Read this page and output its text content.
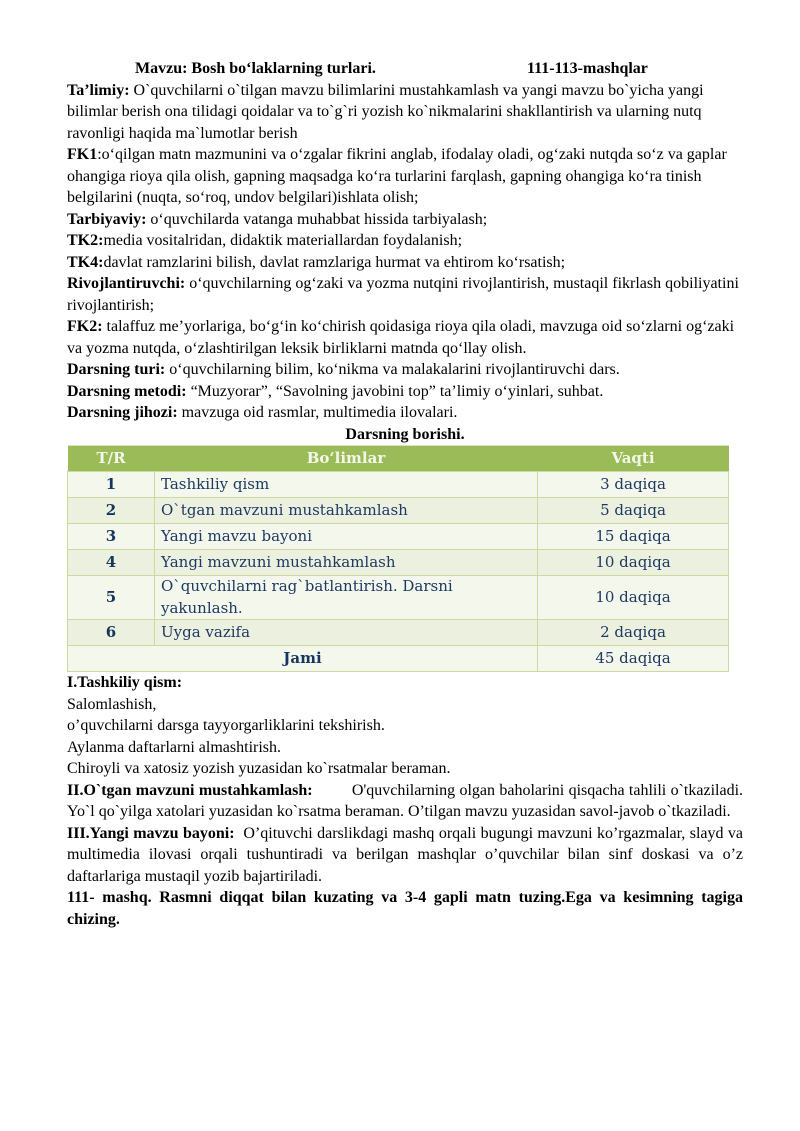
Mavzu: Bosh bo‘laklarning turlari.	111-113-mashqlar

Ta’limiy: O`quvchilarni o`tilgan mavzu bilimlarini mustahkamlash va yangi mavzu bo`yicha yangi bilimlar berish ona tilidagi qoidalar va to`g`ri yozish ko`nikmalarini shakllantirish va ularning nutq ravonligi haqida ma`lumotlar berish

FK1:o‘qilgan matn mazmunini va o‘zgalar fikrini anglab, ifodalay oladi, og‘zaki nutqda so‘z va gaplar ohangiga rioya qila olish, gapning maqsadga ko‘ra turlarini farqlash, gapning ohangiga ko‘ra tinish belgilarini (nuqta, so‘roq, undov belgilari)ishlata olish;

Tarbiyaviy: o‘quvchilarda vatanga muhabbat hissida tarbiyalash;

TK2:media vositalridan, didaktik materiallardan foydalanish;

TK4:davlat ramzlarini bilish, davlat ramzlariga hurmat va ehtirom ko‘rsatish;

Rivojlantiruvchi: o‘quvchilarning og‘zaki va yozma nutqini rivojlantirish, mustaqil fikrlash qobiliyatini rivojlantirish;

FK2: talaffuz me’yorlariga, bo‘g‘in ko‘chirish qoidasiga rioya qila oladi, mavzuga oid so‘zlarni og‘zaki va yozma nutqda, o‘zlashtirilgan leksik birliklarni matnda qo‘llay olish.

Darsning turi: o‘quvchilarning bilim, ko‘nikma va malakalarini rivojlantiruvchi dars.

Darsning metodi: “Muzyorar”, “Savolning javobini top” ta’limiy o‘yinlari, suhbat.

Darsning jihozi: mavzuga oid rasmlar, multimedia ilovalari.

Darsning borishi.

T/R	Bo‘limlar	Vaqti
1	Tashkiliy qism	3 daqiqa
2	O`tgan mavzuni mustahkamlash	5 daqiqa
3	Yangi mavzu bayoni	15 daqiqa
4	Yangi mavzuni mustahkamlash	10 daqiqa
5	O`quvchilarni rag`batlantirish. Darsni yakunlash.	10 daqiqa
6	Uyga vazifa	2 daqiqa
Jami		45 daqiqa

I.Tashkiliy qism:

Salomlashish,

o’quvchilarni darsga tayyorgarliklarini tekshirish.

Aylanma daftarlarni almashtirish.

Chiroyli va xatosiz yozish yuzasidan ko`rsatmalar beraman.

II.O`tgan mavzuni mustahkamlash: O'quvchilarning olgan baholarini qisqacha tahlili o`tkaziladi. Yo`l qo`yilga xatolari yuzasidan ko`rsatma beraman. O’tilgan mavzu yuzasidan savol-javob o`tkaziladi.

III.Yangi mavzu bayoni: O’qituvchi darslikdagi mashq orqali bugungi mavzuni ko’rgazmalar, slayd va multimedia ilovasi orqali tushuntiradi va berilgan mashqlar o’quvchilar bilan sinf doskasi va o’z daftarlariga mustaqil yozib bajartiriladi.

111- mashq. Rasmni diqqat bilan kuzating va 3-4 gapli matn tuzing.Ega va kesimning tagiga chizing.
